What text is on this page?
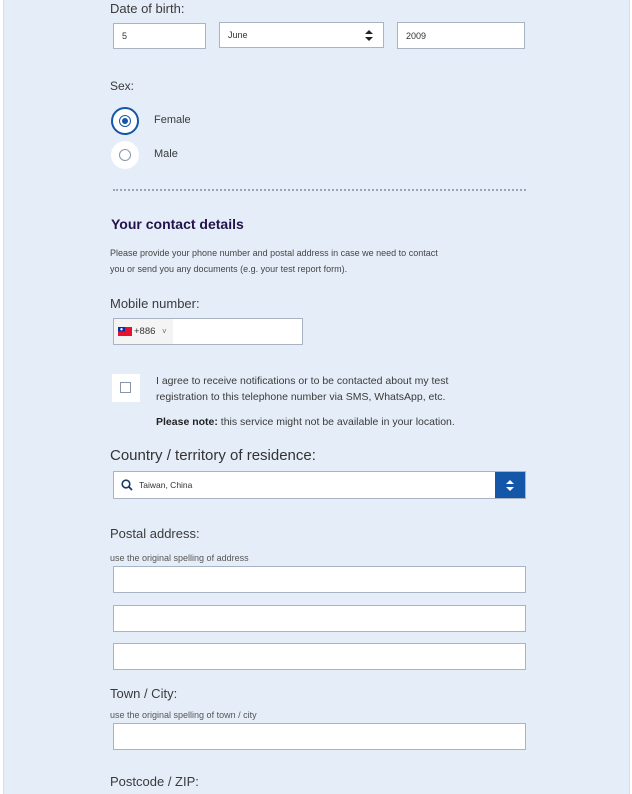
Date of birth:
5	June	2009
Sex:
Female
Male
Your contact details
Please provide your phone number and postal address in case we need to contact
you or send you any documents (e.g. your test report form).
Mobile number:
+886 ˅
I agree to receive notifications or to be contacted about my test
registration to this telephone number via SMS, WhatsApp, etc.
Please note: this service might not be available in your location.
Country / territory of residence:
Taiwan, China
Postal address:
use the original spelling of address
Town / City:
use the original spelling of town / city
Postcode / ZIP:
